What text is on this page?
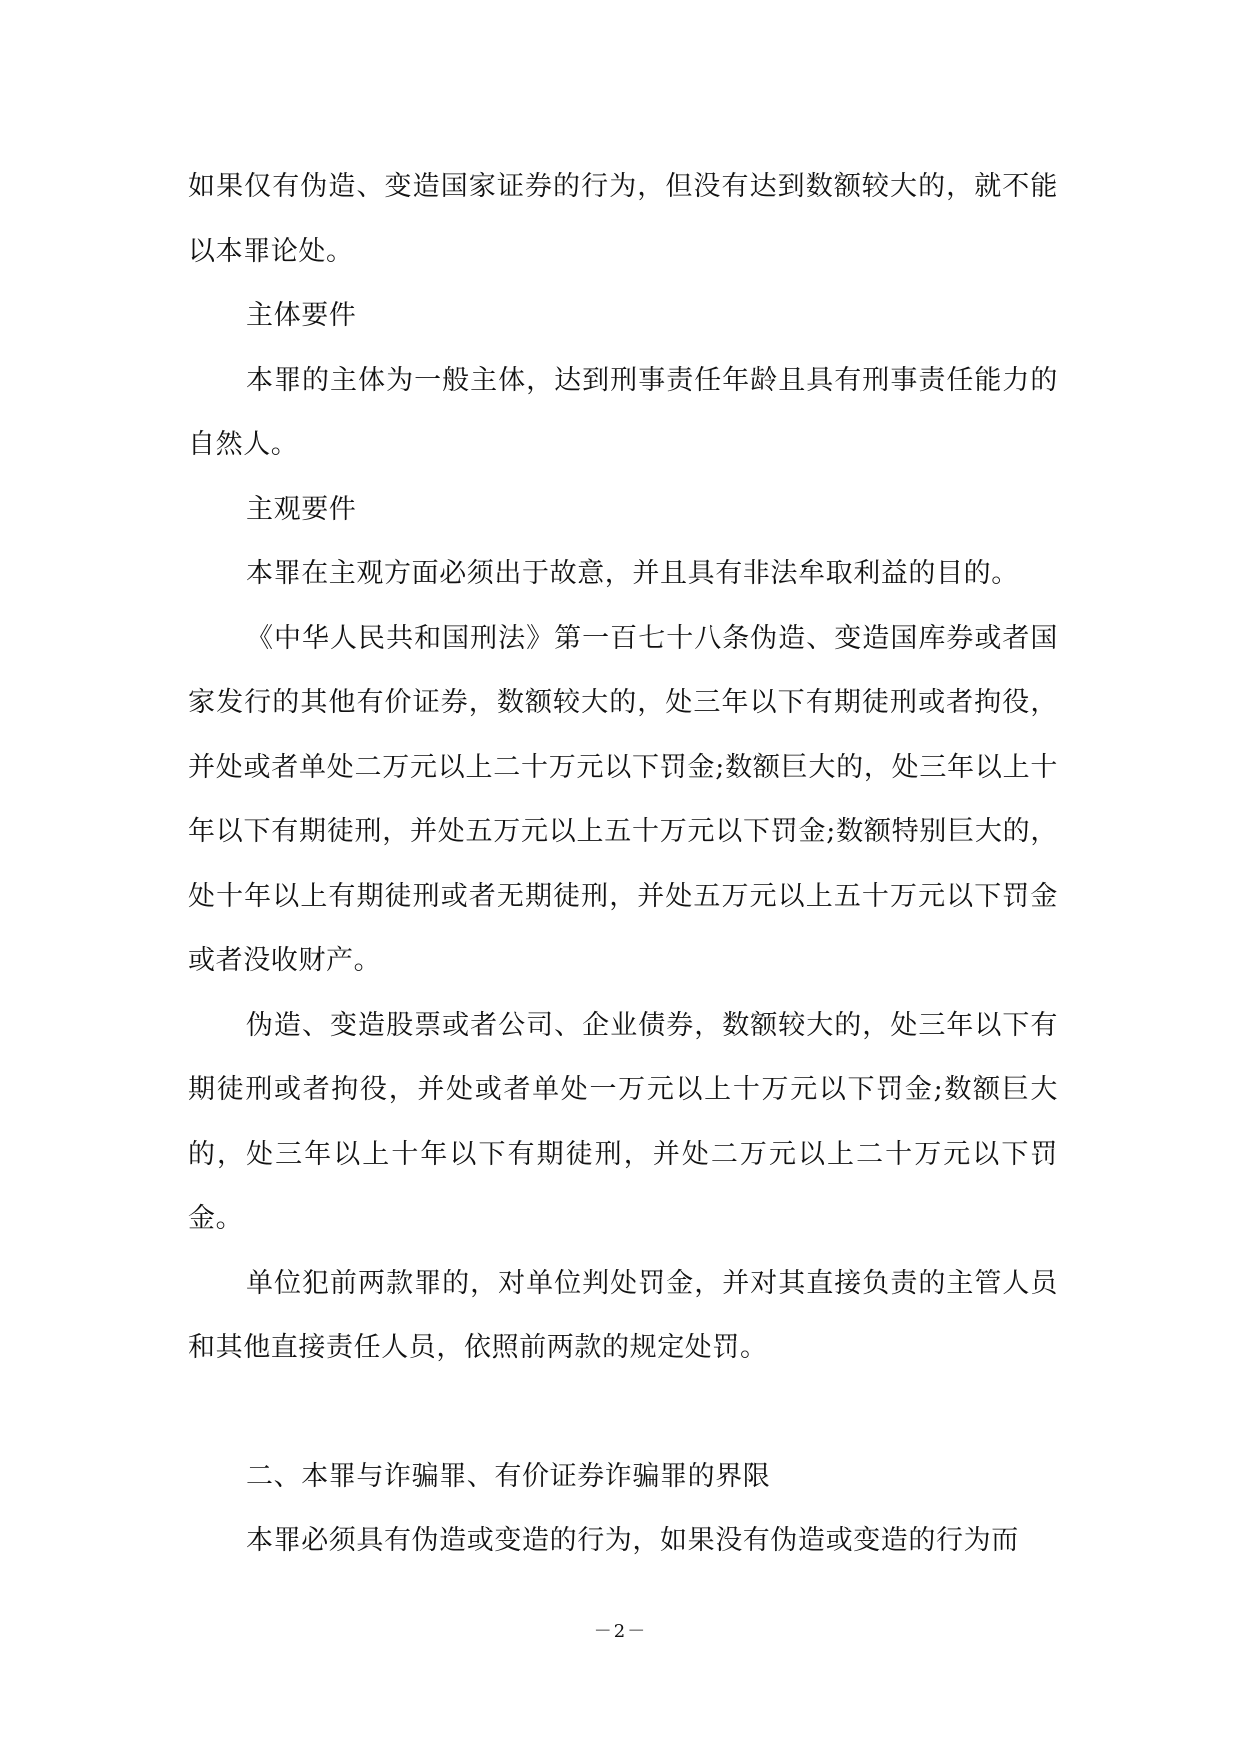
如果仅有伪造、变造国家证券的行为，但没有达到数额较大的，就不能以本罪论处。

主体要件

本罪的主体为一般主体，达到刑事责任年龄且具有刑事责任能力的自然人。

主观要件

本罪在主观方面必须出于故意，并且具有非法牟取利益的目的。

《中华人民共和国刑法》第一百七十八条伪造、变造国库券或者国家发行的其他有价证券，数额较大的，处三年以下有期徒刑或者拘役，并处或者单处二万元以上二十万元以下罚金;数额巨大的，处三年以上十年以下有期徒刑，并处五万元以上五十万元以下罚金;数额特别巨大的，处十年以上有期徒刑或者无期徒刑，并处五万元以上五十万元以下罚金或者没收财产。

伪造、变造股票或者公司、企业债券，数额较大的，处三年以下有期徒刑或者拘役，并处或者单处一万元以上十万元以下罚金;数额巨大的，处三年以上十年以下有期徒刑，并处二万元以上二十万元以下罚金。

单位犯前两款罪的，对单位判处罚金，并对其直接负责的主管人员和其他直接责任人员，依照前两款的规定处罚。

二、本罪与诈骗罪、有价证券诈骗罪的界限

本罪必须具有伪造或变造的行为，如果没有伪造或变造的行为而

－2－
